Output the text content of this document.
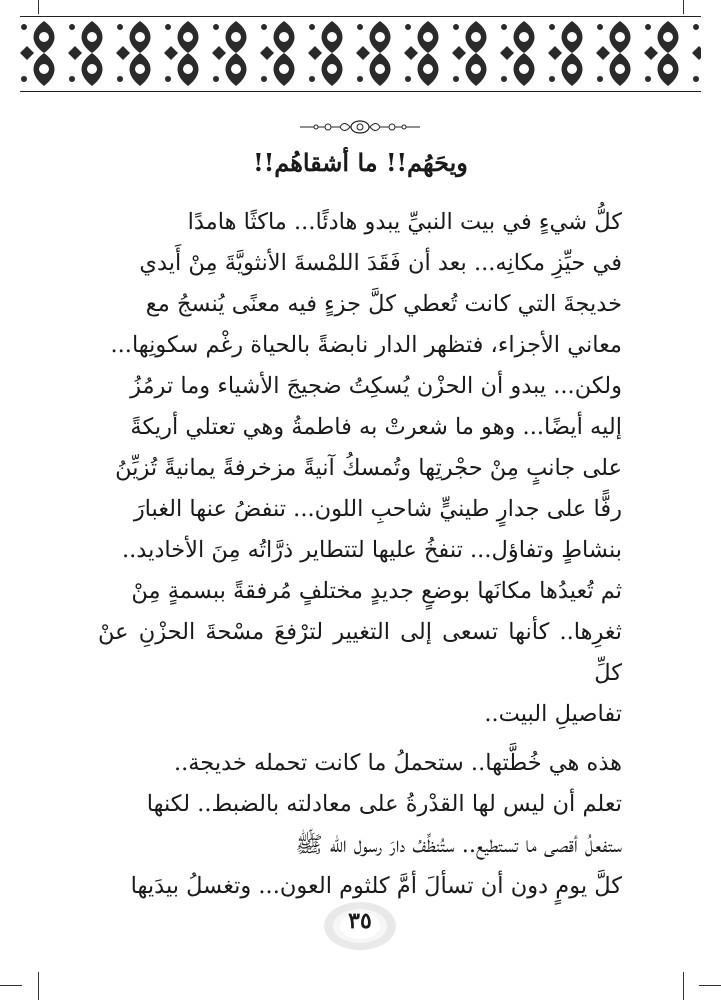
ويحَهُم!! ما أشقاهُم!!

كلُّ شيءٍ في بيت النبيِّ يبدو هادئًا... ماكثًا هامدًا
في حيِّزِ مكانِه... بعد أن فَقَدَ اللمْسةَ الأنثويَّةَ مِنْ أَيدي
خديجةَ التي كانت تُعطي كلَّ جزءٍ فيه معنًى يُنسجُ مع
معاني الأجزاء، فتظهر الدار نابضةً بالحياة رغْم سكونِها...
ولكن... يبدو أن الحزْن يُسكِتُ ضجيجَ الأشياء وما ترمُزُ
إليه أيضًا... وهو ما شعرتْ به فاطمةُ وهي تعتلي أريكةً
على جانبٍ مِنْ حجْرتِها وتُمسكُ آنيةً مزخرفةً يمانيةً تُزيِّنُ
رفًّا على جدارٍ طينيٍّ شاحبِ اللون... تنفضُ عنها الغبارَ
بنشاطٍ وتفاؤل... تنفخُ عليها لتتطاير ذرَّاتُه مِنَ الأخاديد..
ثم تُعيدُها مكانَها بوضعٍ جديدٍ مختلفٍ مُرفقةً ببسمةٍ مِنْ
ثغرِها.. كأنها تسعى إلى التغيير لترْفعَ مسْحةَ الحزْنِ عنْ كلِّ
تفاصيلِ البيت..

هذه هي خُطَّتها.. ستحملُ ما كانت تحمله خديجة..
تعلم أن ليس لها القدْرةُ على معادلته بالضبط.. لكنها
ستفعلُ أقصى ما تستطيع.. ستُنظِّفُ دارَ رسول الله ﷺ
كلَّ يومٍ دون أن تسألَ أمَّ كلثوم العون... وتغسلُ بيدَيها

٣٥
